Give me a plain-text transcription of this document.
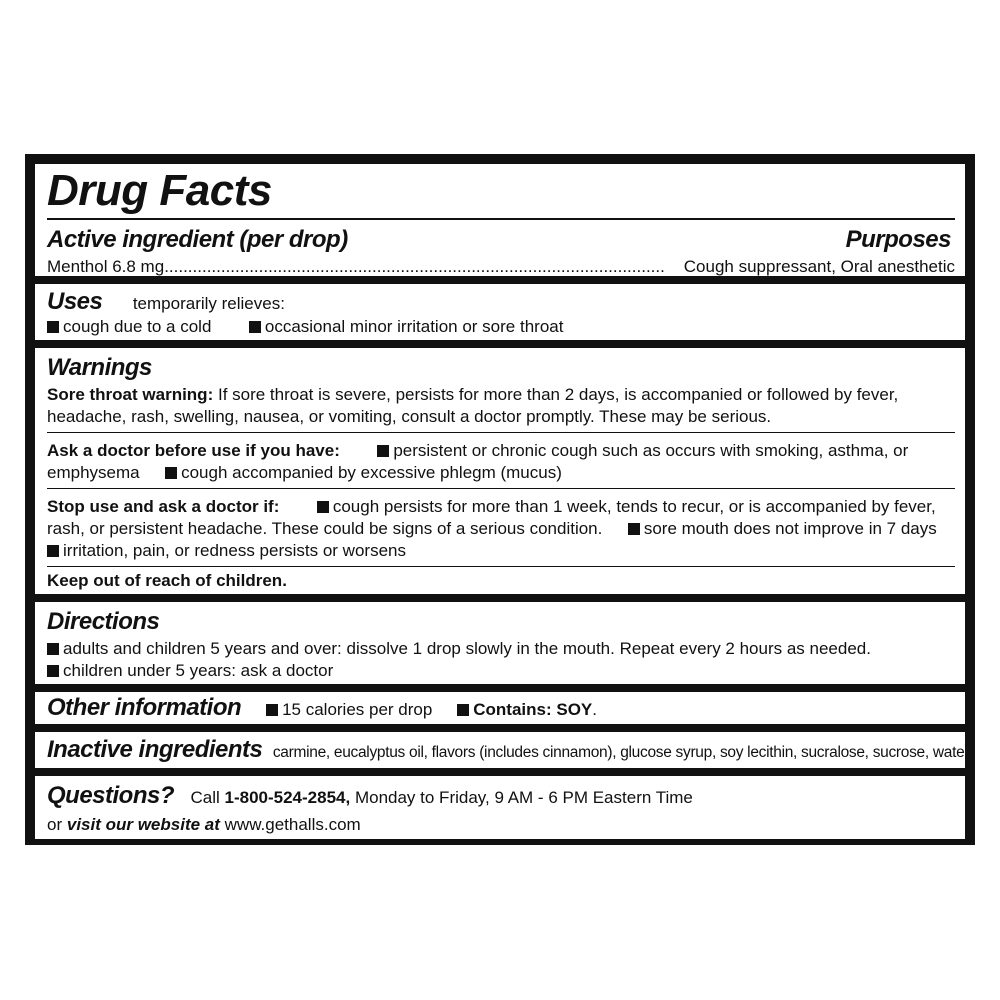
Drug Facts
Active ingredient (per drop)	Purposes
Menthol 6.8 mg ..........................................................................................................	Cough suppressant, Oral anesthetic
Uses temporarily relieves:
cough due to a cold	occasional minor irritation or sore throat
Warnings
Sore throat warning: If sore throat is severe, persists for more than 2 days, is accompanied or followed by fever,
headache, rash, swelling, nausea, or vomiting, consult a doctor promptly. These may be serious.
Ask a doctor before use if you have:	persistent or chronic cough such as occurs with smoking, asthma, or
emphysema cough accompanied by excessive phlegm (mucus)
Stop use and ask a doctor if:	cough persists for more than 1 week, tends to recur, or is accompanied by fever,
rash, or persistent headache. These could be signs of a serious condition. sore mouth does not improve in 7 days
irritation, pain, or redness persists or worsens
Keep out of reach of children.
Directions
adults and children 5 years and over: dissolve 1 drop slowly in the mouth. Repeat every 2 hours as needed.
children under 5 years: ask a doctor
Other information 15 calories per drop Contains: SOY.
Inactive ingredients carmine, eucalyptus oil, flavors (includes cinnamon), glucose syrup, soy lecithin, sucralose, sucrose, water
Questions? Call 1-800-524-2854, Monday to Friday, 9 AM - 6 PM Eastern Time
or visit our website at www.gethalls.com
